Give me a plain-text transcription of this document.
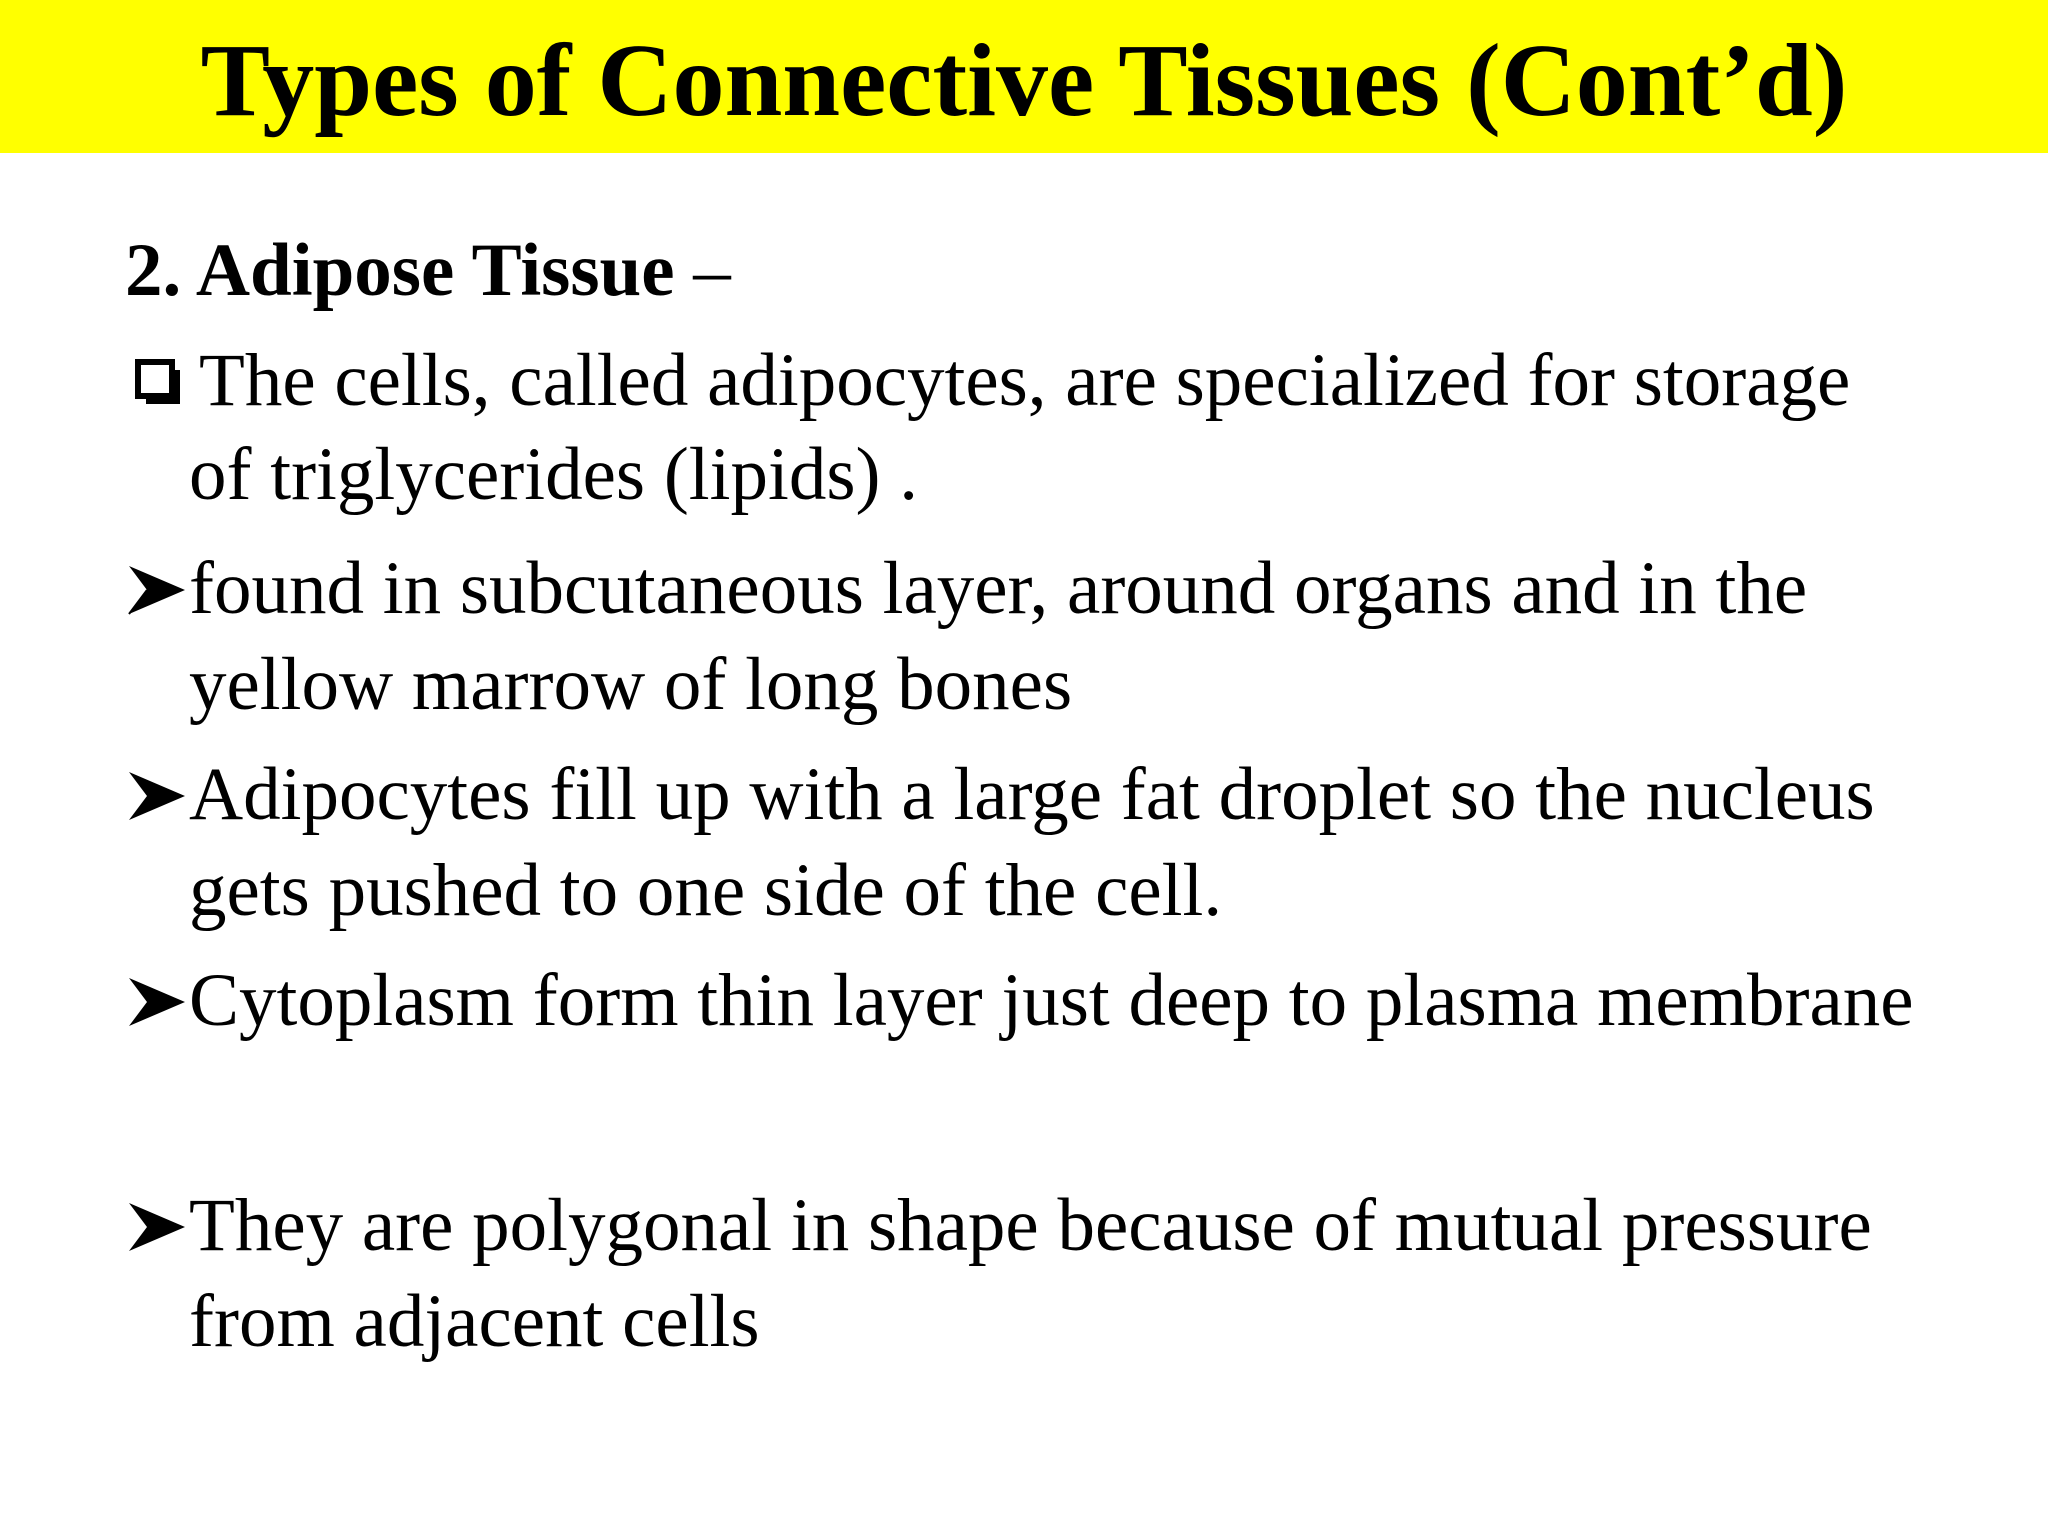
Types of Connective Tissues (Cont’d)
2. Adipose Tissue –
The cells, called adipocytes, are specialized for storage
of triglycerides (lipids) .
found in subcutaneous layer, around organs and in the
yellow marrow of long bones
Adipocytes fill up with a large fat droplet so the nucleus
gets pushed to one side of the cell.
Cytoplasm form thin layer just deep to plasma membrane
They are polygonal in shape because of mutual pressure
from adjacent cells
